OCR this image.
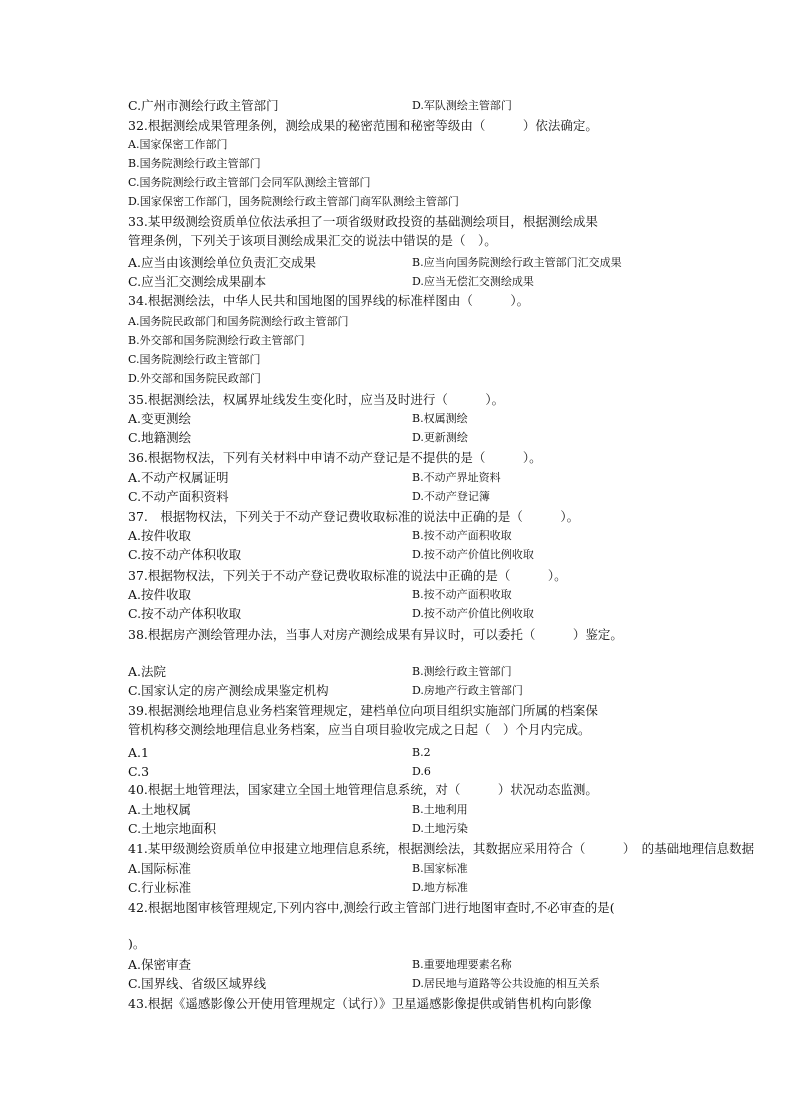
C.广州市测绘行政主管部门	D.军队测绘主管部门
32.根据测绘成果管理条例，测绘成果的秘密范围和秘密等级由（　　　）依法确定。
A.国家保密工作部门
B.国务院测绘行政主管部门
C.国务院测绘行政主管部门会同军队测绘主管部门
D.国家保密工作部门，国务院测绘行政主管部门商军队测绘主管部门
33.某甲级测绘资质单位依法承担了一项省级财政投资的基础测绘项目，根据测绘成果
管理条例，下列关于该项目测绘成果汇交的说法中错误的是（　）。
A.应当由该测绘单位负责汇交成果	B.应当向国务院测绘行政主管部门汇交成果
C.应当汇交测绘成果副本	D.应当无偿汇交测绘成果
34.根据测绘法，中华人民共和国地图的国界线的标准样图由（　　　）。
A.国务院民政部门和国务院测绘行政主管部门
B.外交部和国务院测绘行政主管部门
C.国务院测绘行政主管部门
D.外交部和国务院民政部门
35.根据测绘法，权属界址线发生变化时，应当及时进行（　　　）。
A.变更测绘	B.权属测绘
C.地籍测绘	D.更新测绘
36.根据物权法，下列有关材料中申请不动产登记是不提供的是（　　　）。
A.不动产权属证明	B.不动产界址资料
C.不动产面积资料	D.不动产登记簿
37.　根据物权法，下列关于不动产登记费收取标准的说法中正确的是（　　　）。
A.按件收取	B.按不动产面积收取
C.按不动产体积收取	D.按不动产价值比例收取
37.根据物权法，下列关于不动产登记费收取标准的说法中正确的是（　　　）。
A.按件收取	B.按不动产面积收取
C.按不动产体积收取	D.按不动产价值比例收取
38.根据房产测绘管理办法，当事人对房产测绘成果有异议时，可以委托（　　　）鉴定。
A.法院	B.测绘行政主管部门
C.国家认定的房产测绘成果鉴定机构	D.房地产行政主管部门
39.根据测绘地理信息业务档案管理规定，建档单位向项目组织实施部门所属的档案保
管机构移交测绘地理信息业务档案，应当自项目验收完成之日起（　）个月内完成。
A.1	B.2
C.3	D.6
40.根据土地管理法，国家建立全国土地管理信息系统，对（　　　）状况动态监测。
A.土地权属	B.土地利用
C.土地宗地面积	D.土地污染
41.某甲级测绘资质单位申报建立地理信息系统，根据测绘法，其数据应采用符合（　　　）　的基础地理信息数据
A.国际标准	B.国家标准
C.行业标准	D.地方标准
42.根据地图审核管理规定,下列内容中,测绘行政主管部门进行地图审查时,不必审查的是(
)。
A.保密审查	B.重要地理要素名称
C.国界线、省级区域界线	D.居民地与道路等公共设施的相互关系
43.根据《遥感影像公开使用管理规定（试行）》卫星遥感影像提供或销售机构向影像
